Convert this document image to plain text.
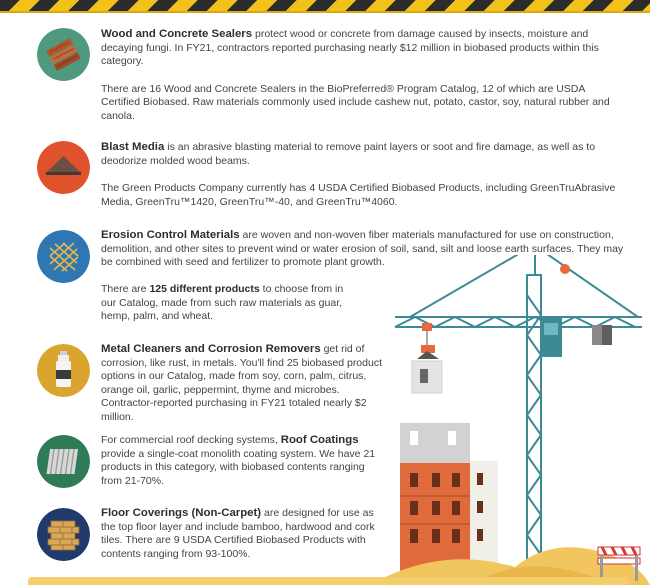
Wood and Concrete Sealers protect wood or concrete from damage caused by insects, moisture and decaying fungi. In FY21, contractors reported purchasing nearly $12 million in biobased products within this category.

There are 16 Wood and Concrete Sealers in the BioPreferred® Program Catalog, 12 of which are USDA Certified Biobased. Raw materials commonly used include cashew nut, potato, castor, soy, natural rubber and canola.

Blast Media is an abrasive blasting material to remove paint layers or soot and fire damage, as well as to deodorize molded wood beams.

The Green Products Company currently has 4 USDA Certified Biobased Products, including GreenTruAbrasive Media, GreenTru™1420, GreenTru™-40, and GreenTru™4060.

Erosion Control Materials are woven and non-woven fiber materials manufactured for use on construction, demolition, and other sites to prevent wind or water erosion of soil, sand, silt and loose earth surfaces. They may be combined with seed and fertilizer to promote plant growth.

There are 125 different products to choose from in our Catalog, made from such raw materials as guar, hemp, palm, and wheat.

Metal Cleaners and Corrosion Removers get rid of corrosion, like rust, in metals. You'll find 25 biobased product options in our Catalog, made from soy, corn, palm, citrus, orange oil, garlic, peppermint, thyme and microbes. Contractor-reported purchasing in FY21 totaled nearly $2 million.

For commercial roof decking systems, Roof Coatings provide a single-coat monolith coating system. We have 21 products in this category, with biobased contents ranging from 21-70%.

Floor Coverings (Non-Carpet) are designed for use as the top floor layer and include bamboo, hardwood and cork tiles. There are 9 USDA Certified Biobased Products with contents ranging from 93-100%.
